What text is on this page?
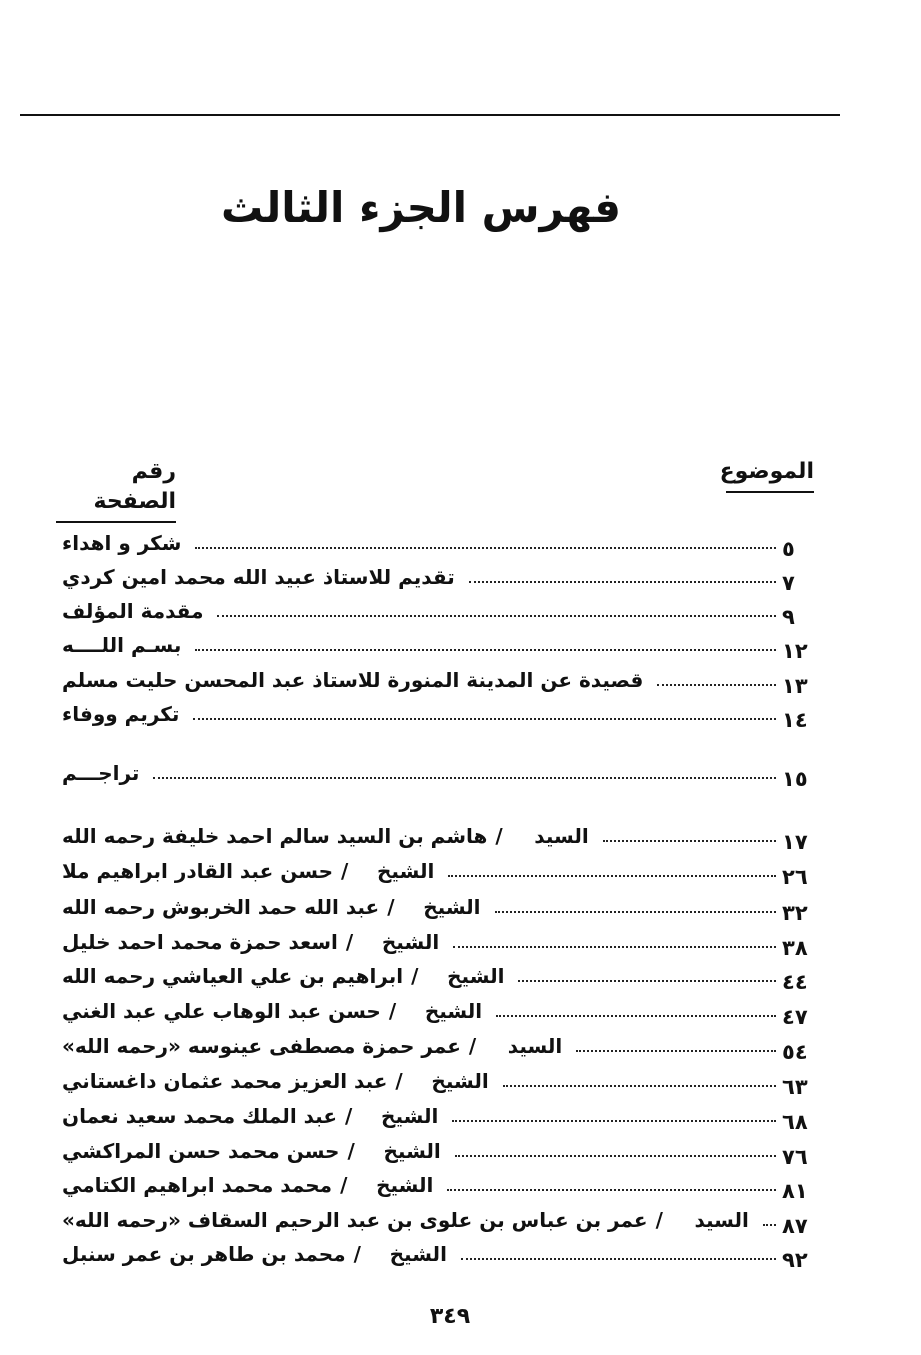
فهرس الجزء الثالث
الموضوع
رقم الصفحة
شكر و اهداء	٥
تقديم للاستاذ عبيد الله محمد امين كردي	٧
مقدمة المؤلف	٩
بسـم اللــــه	١٢
قصيدة عن المدينة المنورة للاستاذ عبد المحسن حليت مسلم	١٣
تكريم ووفاء	١٤
تراجـــم	١٥
السيد/هاشم بن السيد سالم احمد خليفة رحمه الله	١٧
الشيخ/حسن عبد القادر ابراهيم ملا	٢٦
الشيخ/عبد الله حمد الخربوش رحمه الله	٣٢
الشيخ/اسعد حمزة محمد احمد خليل	٣٨
الشيخ/ابراهيم بن علي العياشي رحمه الله	٤٤
الشيخ/حسن عبد الوهاب علي عبد الغني	٤٧
السيد/عمر حمزة مصطفى عينوسه «رحمه الله»	٥٤
الشيخ/عبد العزيز محمد عثمان داغستاني	٦٣
الشيخ/عبد الملك محمد سعيد نعمان	٦٨
الشيخ/حسن محمد حسن المراكشي	٧٦
الشيخ/محمد محمد ابراهيم الكتامي	٨١
السيد/عمر بن عباس بن علوى بن عبد الرحيم السقاف «رحمه الله»	٨٧
الشيخ/محمد بن طاهر بن عمر سنبل	٩٢
٣٤٩
